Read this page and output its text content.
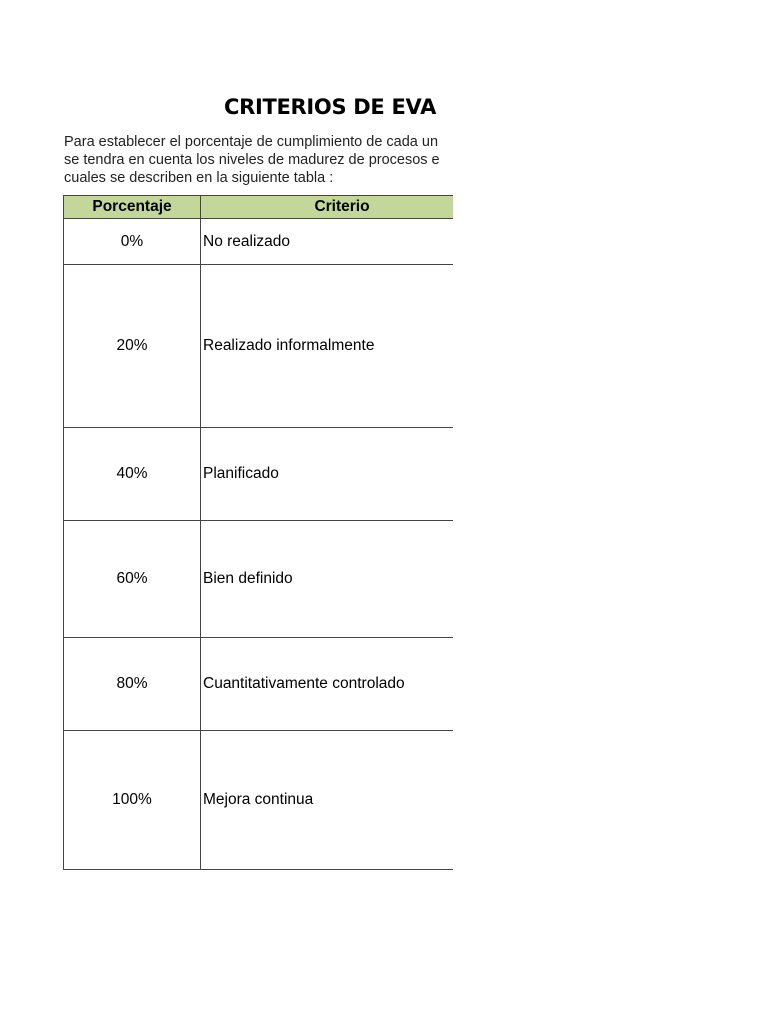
CRITERIOS DE EVA
Para establecer el porcentaje de cumplimiento de cada un
se tendra en cuenta los niveles de madurez de procesos e
cuales se describen en la siguiente tabla :
Porcentaje	Criterio
0%	No realizado
20%	Realizado informalmente
40%	Planificado
60%	Bien definido
80%	Cuantitativamente controlado
100%	Mejora continua
